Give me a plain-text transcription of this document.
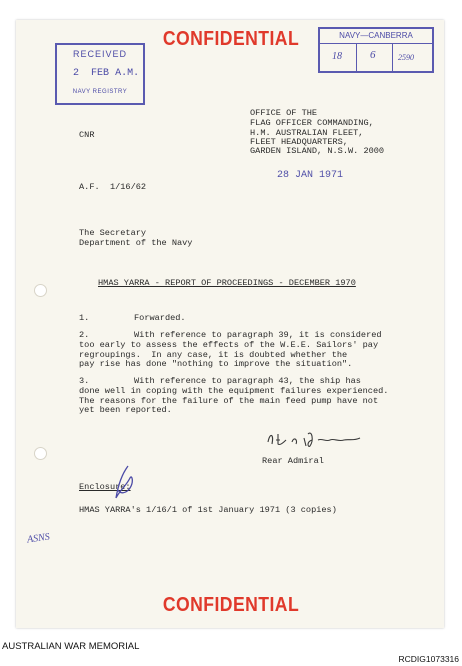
CONFIDENTIAL
RECEIVED
2 FEB A.M.
NAVY REGISTRY
NAVY—CANBERRA
18	6	2590
OFFICE OF THE
FLAG OFFICER COMMANDING,
H.M. AUSTRALIAN FLEET,
FLEET HEADQUARTERS,
GARDEN ISLAND, N.S.W. 2000
CNR
28 JAN 1971
A.F.  1/16/62
The Secretary
Department of the Navy
HMAS YARRA - REPORT OF PROCEEDINGS - DECEMBER 1970
1.	Forwarded.
2.	With reference to paragraph 39, it is considered
too early to assess the effects of the W.E.E. Sailors' pay
regroupings.  In any case, it is doubted whether the
pay rise has done "nothing to improve the situation".
3.	With reference to paragraph 43, the ship has
done well in coping with the equipment failures experienced.
The reasons for the failure of the main feed pump have not
yet been reported.
Rear Admiral
Enclosure:
HMAS YARRA's 1/16/1 of 1st January 1971 (3 copies)
ASNS
CONFIDENTIAL
AUSTRALIAN WAR MEMORIAL
RCDIG1073316
